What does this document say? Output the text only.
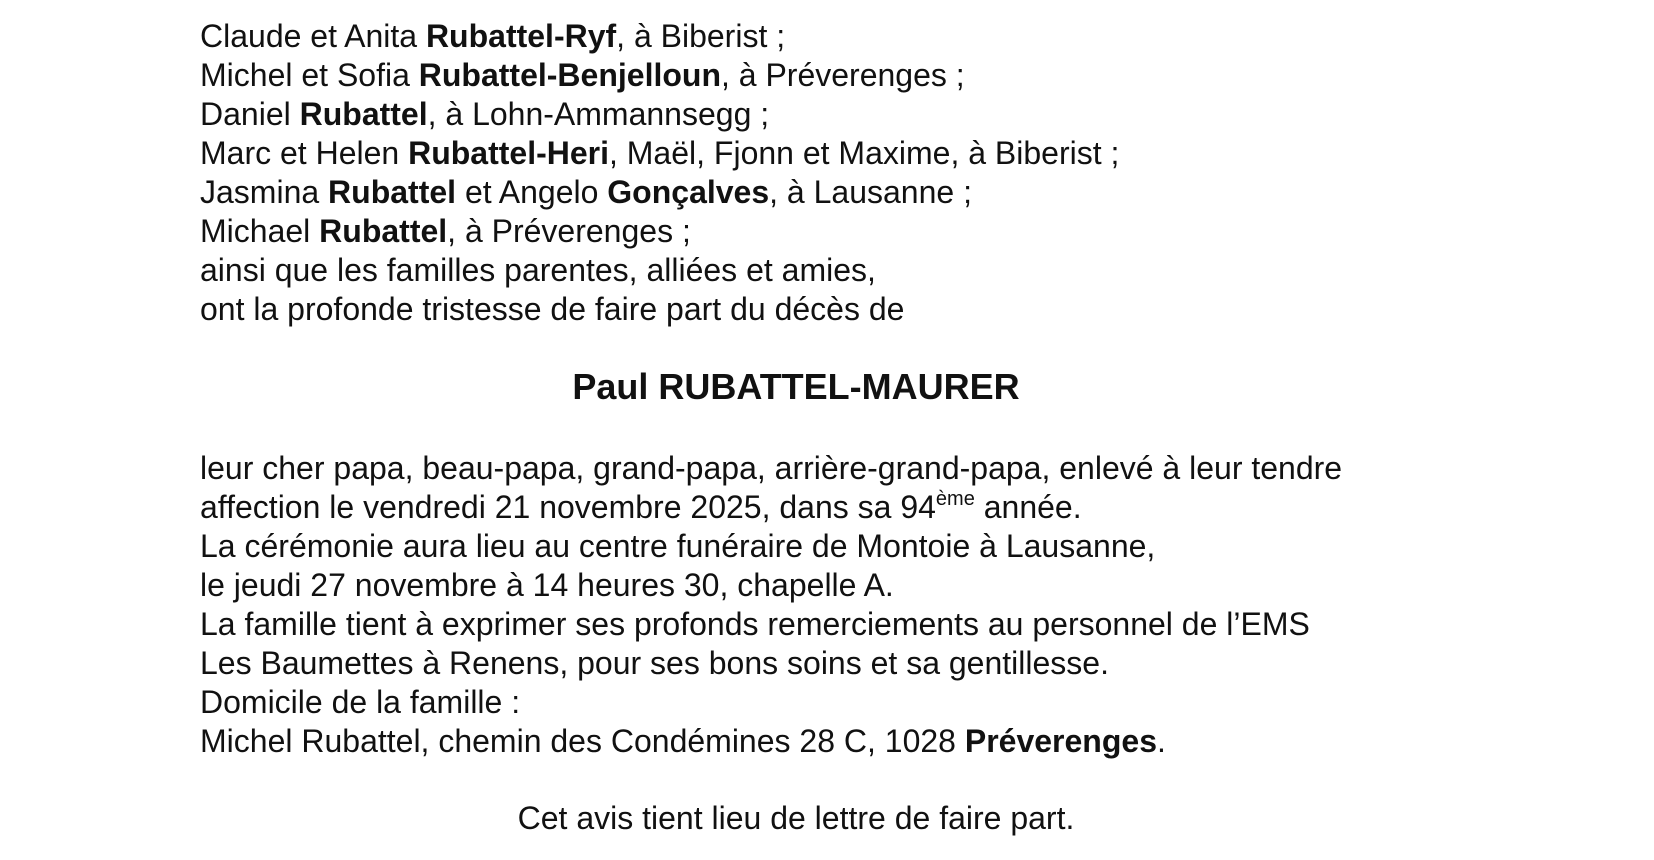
Claude et Anita Rubattel-Ryf, à Biberist ;
Michel et Sofia Rubattel-Benjelloun, à Préverenges ;
Daniel Rubattel, à Lohn-Ammannsegg ;
Marc et Helen Rubattel-Heri, Maël, Fjonn et Maxime, à Biberist ;
Jasmina Rubattel et Angelo Gonçalves, à Lausanne ;
Michael Rubattel, à Préverenges ;
ainsi que les familles parentes, alliées et amies,
ont la profonde tristesse de faire part du décès de
Paul RUBATTEL-MAURER
leur cher papa, beau-papa, grand-papa, arrière-grand-papa, enlevé à leur tendre
affection le vendredi 21 novembre 2025, dans sa 94ème année.
La cérémonie aura lieu au centre funéraire de Montoie à Lausanne,
le jeudi 27 novembre à 14 heures 30, chapelle A.
La famille tient à exprimer ses profonds remerciements au personnel de l’EMS
Les Baumettes à Renens, pour ses bons soins et sa gentillesse.
Domicile de la famille :
Michel Rubattel, chemin des Condémines 28 C, 1028 Préverenges.
Cet avis tient lieu de lettre de faire part.
